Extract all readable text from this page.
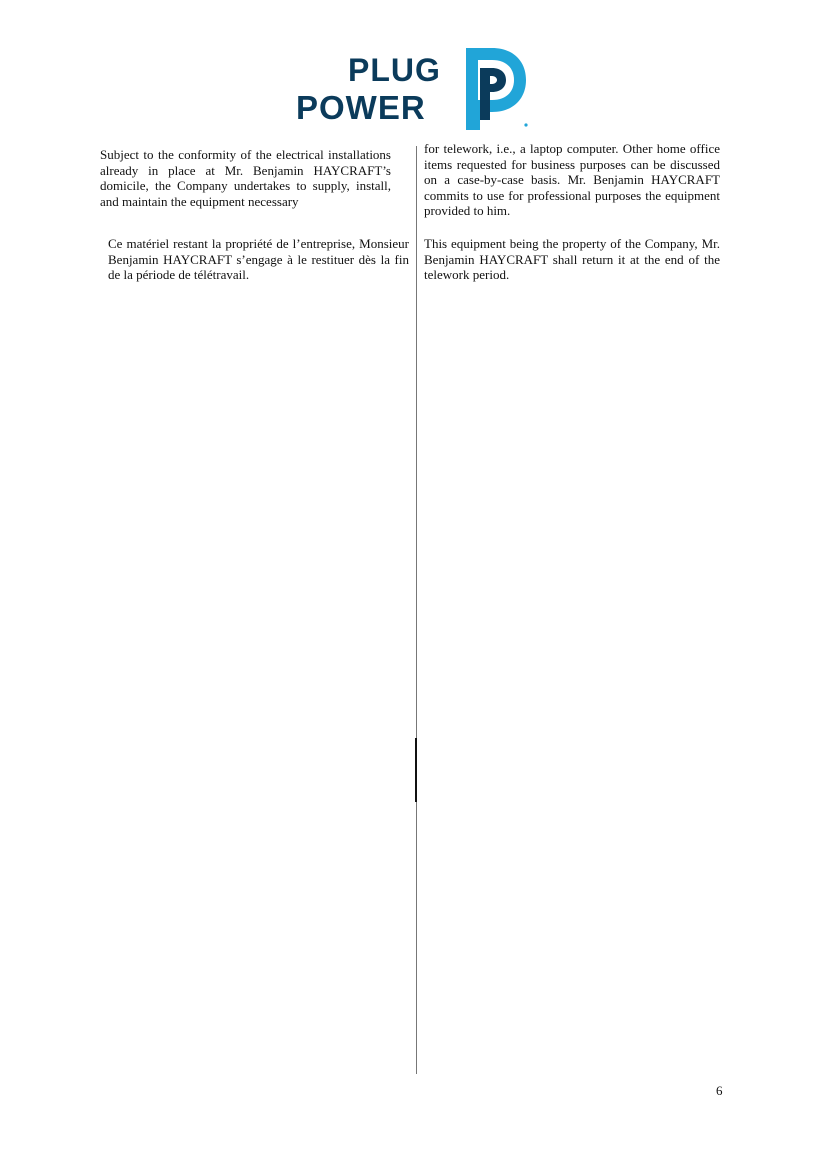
PLUG
POWER

Subject to the conformity of the electrical installations already in place at Mr. Benjamin HAYCRAFT’s domicile, the Company undertakes to supply, install, and maintain the equipment necessary

for telework, i.e., a laptop computer. Other home office items requested for business purposes can be discussed on a case-by-case basis. Mr. Benjamin HAYCRAFT commits to use for professional purposes the equipment provided to him.

Ce matériel restant la propriété de l’entreprise, Monsieur Benjamin HAYCRAFT s’engage à le restituer dès la fin de la période de télétravail.

This equipment being the property of the Company, Mr. Benjamin HAYCRAFT shall return it at the end of the telework period.

6
